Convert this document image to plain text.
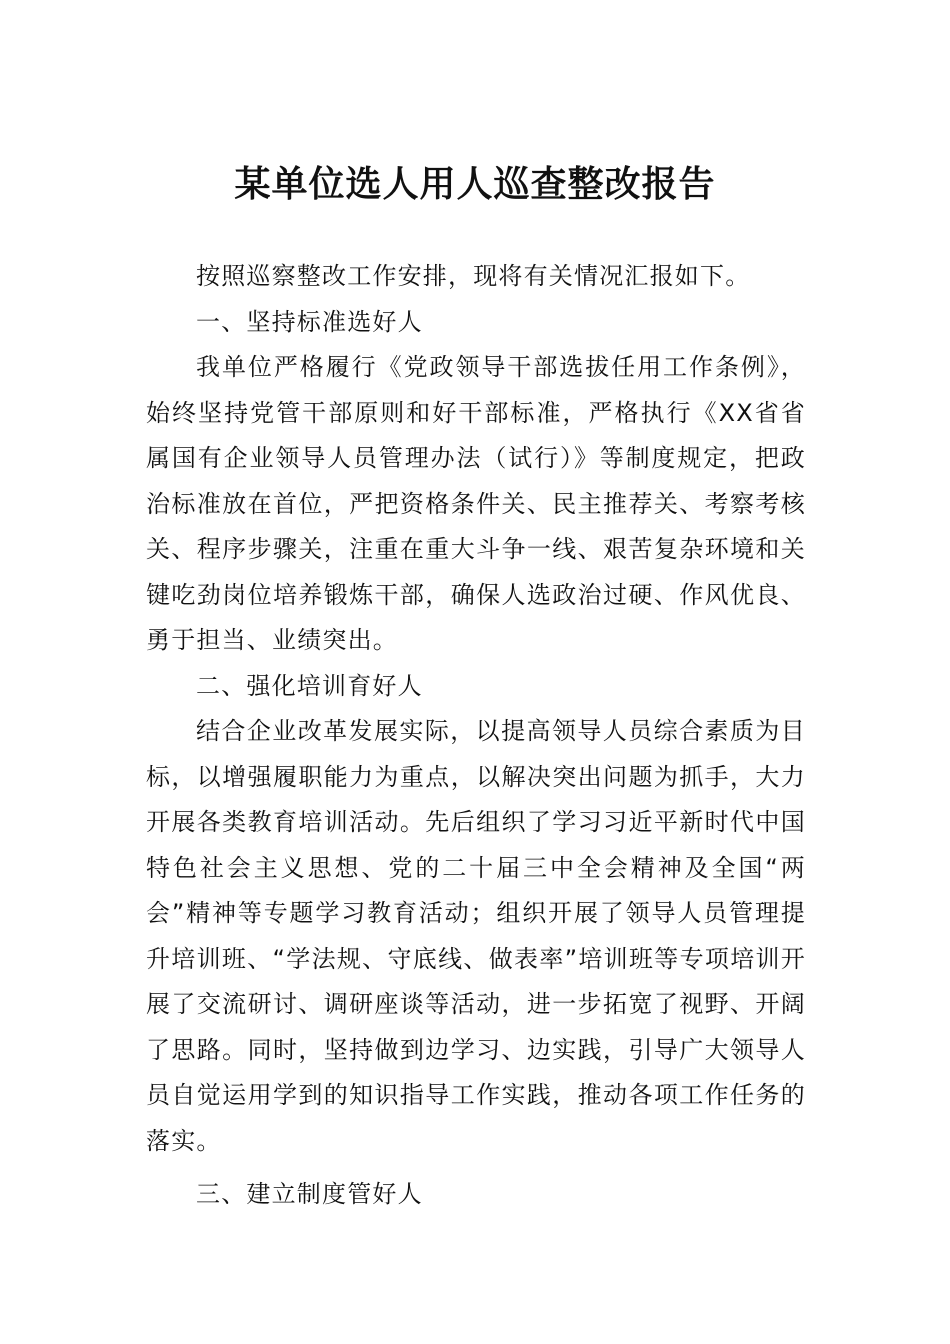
某单位选人用人巡查整改报告

按照巡察整改工作安排，现将有关情况汇报如下。

一、坚持标准选好人

我单位严格履行《党政领导干部选拔任用工作条例》，始终坚持党管干部原则和好干部标准，严格执行《XX省省属国有企业领导人员管理办法（试行）》等制度规定，把政治标准放在首位，严把资格条件关、民主推荐关、考察考核关、程序步骤关，注重在重大斗争一线、艰苦复杂环境和关键吃劲岗位培养锻炼干部，确保人选政治过硬、作风优良、勇于担当、业绩突出。

二、强化培训育好人

结合企业改革发展实际，以提高领导人员综合素质为目标，以增强履职能力为重点，以解决突出问题为抓手，大力开展各类教育培训活动。先后组织了学习习近平新时代中国特色社会主义思想、党的二十届三中全会精神及全国“两会”精神等专题学习教育活动；组织开展了领导人员管理提升培训班、“学法规、守底线、做表率”培训班等专项培训开展了交流研讨、调研座谈等活动，进一步拓宽了视野、开阔了思路。同时，坚持做到边学习、边实践，引导广大领导人员自觉运用学到的知识指导工作实践，推动各项工作任务的落实。

三、建立制度管好人
